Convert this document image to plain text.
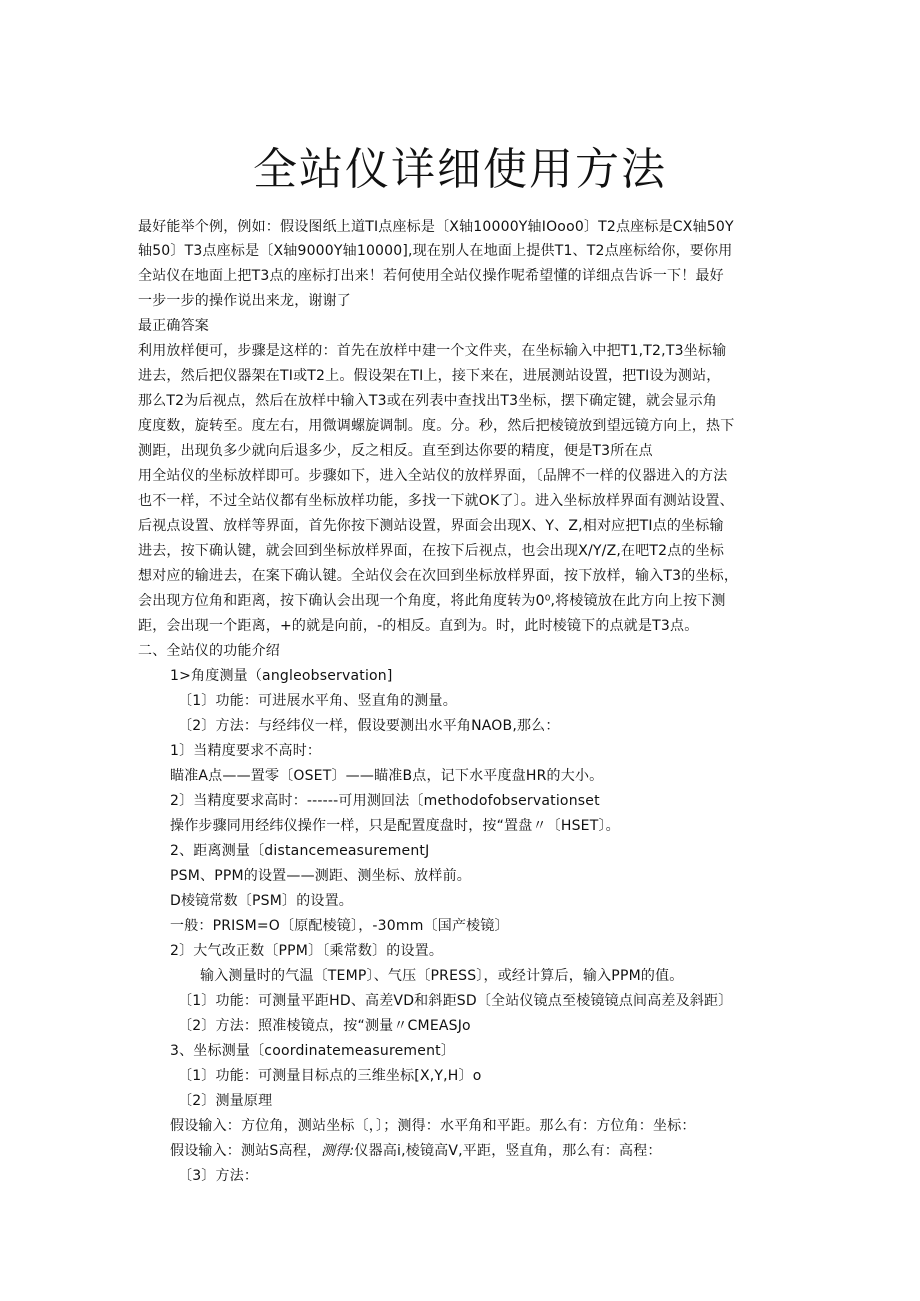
全站仪详细使用方法
最好能举个例，例如：假设图纸上道TI点座标是〔X轴10000Y轴IOoo0〕T2点座标是CX轴50Y
轴50〕T3点座标是〔X轴9000Y轴10000],现在别人在地面上提供T1、T2点座标给你，要你用
全站仪在地面上把T3点的座标打出来！若何使用全站仪操作呢希望懂的详细点告诉一下！最好
一步一步的操作说出来龙，谢谢了
最正确答案
利用放样便可，步骤是这样的：首先在放样中建一个文件夹，在坐标输入中把T1,T2,T3坐标输
进去，然后把仪器架在TI或T2上。假设架在TI上，接下来在，进展测站设置，把TI设为测站，
那么T2为后视点，然后在放样中输入T3或在列表中查找出T3坐标，摆下确定键，就会显示角
度度数，旋转至。度左右，用微调螺旋调制。度。分。秒，然后把棱镜放到望远镜方向上，热下
测距，出现负多少就向后退多少，反之相反。直至到达你要的精度，便是T3所在点
用全站仪的坐标放样即可。步骤如下，进入全站仪的放样界面，〔品牌不一样的仪器进入的方法
也不一样，不过全站仪都有坐标放样功能，多找一下就OK了〕。进入坐标放样界面有测站设置、
后视点设置、放样等界面，首先你按下测站设置，界面会出现X、Y、Z,相对应把TI点的坐标输
进去，按下确认键，就会回到坐标放样界面，在按下后视点，也会出现X/Y/Z,在吧T2点的坐标
想对应的输进去，在案下确认键。全站仪会在次回到坐标放样界面，按下放样，输入T3的坐标，
会出现方位角和距离，按下确认会出现一个角度，将此角度转为0⁰,将棱镜放在此方向上按下测
距，会出现一个距离，+的就是向前，-的相反。直到为。时，此时棱镜下的点就是T3点。
二、全站仪的功能介绍
1>角度测量（angleobservation]
〔1〕功能：可进展水平角、竖直角的测量。
〔2〕方法：与经纬仪一样，假设要测出水平角NAOB,那么：
1〕当精度要求不高时：
瞄准A点——置零〔OSET〕——瞄准B点，记下水平度盘HR的大小。
2〕当精度要求高时：------可用测回法〔methodofobservationset
操作步骤同用经纬仪操作一样，只是配置度盘时，按“置盘〃〔HSET〕。
2、距离测量〔distancemeasurementJ
PSM、PPM的设置——测距、测坐标、放样前。
D棱镜常数〔PSM〕的设置。
一般：PRISM=O〔原配棱镜〕，-30mm〔国产棱镜〕
2〕大气改正数〔PPM〕〔乘常数〕的设置。
输入测量时的气温〔TEMP〕、气压〔PRESS〕，或经计算后，输入PPM的值。
〔1〕功能：可测量平距HD、高差VD和斜距SD〔全站仪镜点至棱镜镜点间高差及斜距〕
〔2〕方法：照准棱镜点，按“测量〃CMEASJo
3、坐标测量〔coordinatemeasurement〕
〔1〕功能：可测量目标点的三维坐标[X,Y,H〕o
〔2〕测量原理
假设输入：方位角，测站坐标〔，〕；测得：水平角和平距。那么有：方位角：坐标：
假设输入：测站S高程，测得:仪器高i,棱镜高V,平距，竖直角，那么有：高程：
〔3〕方法：
